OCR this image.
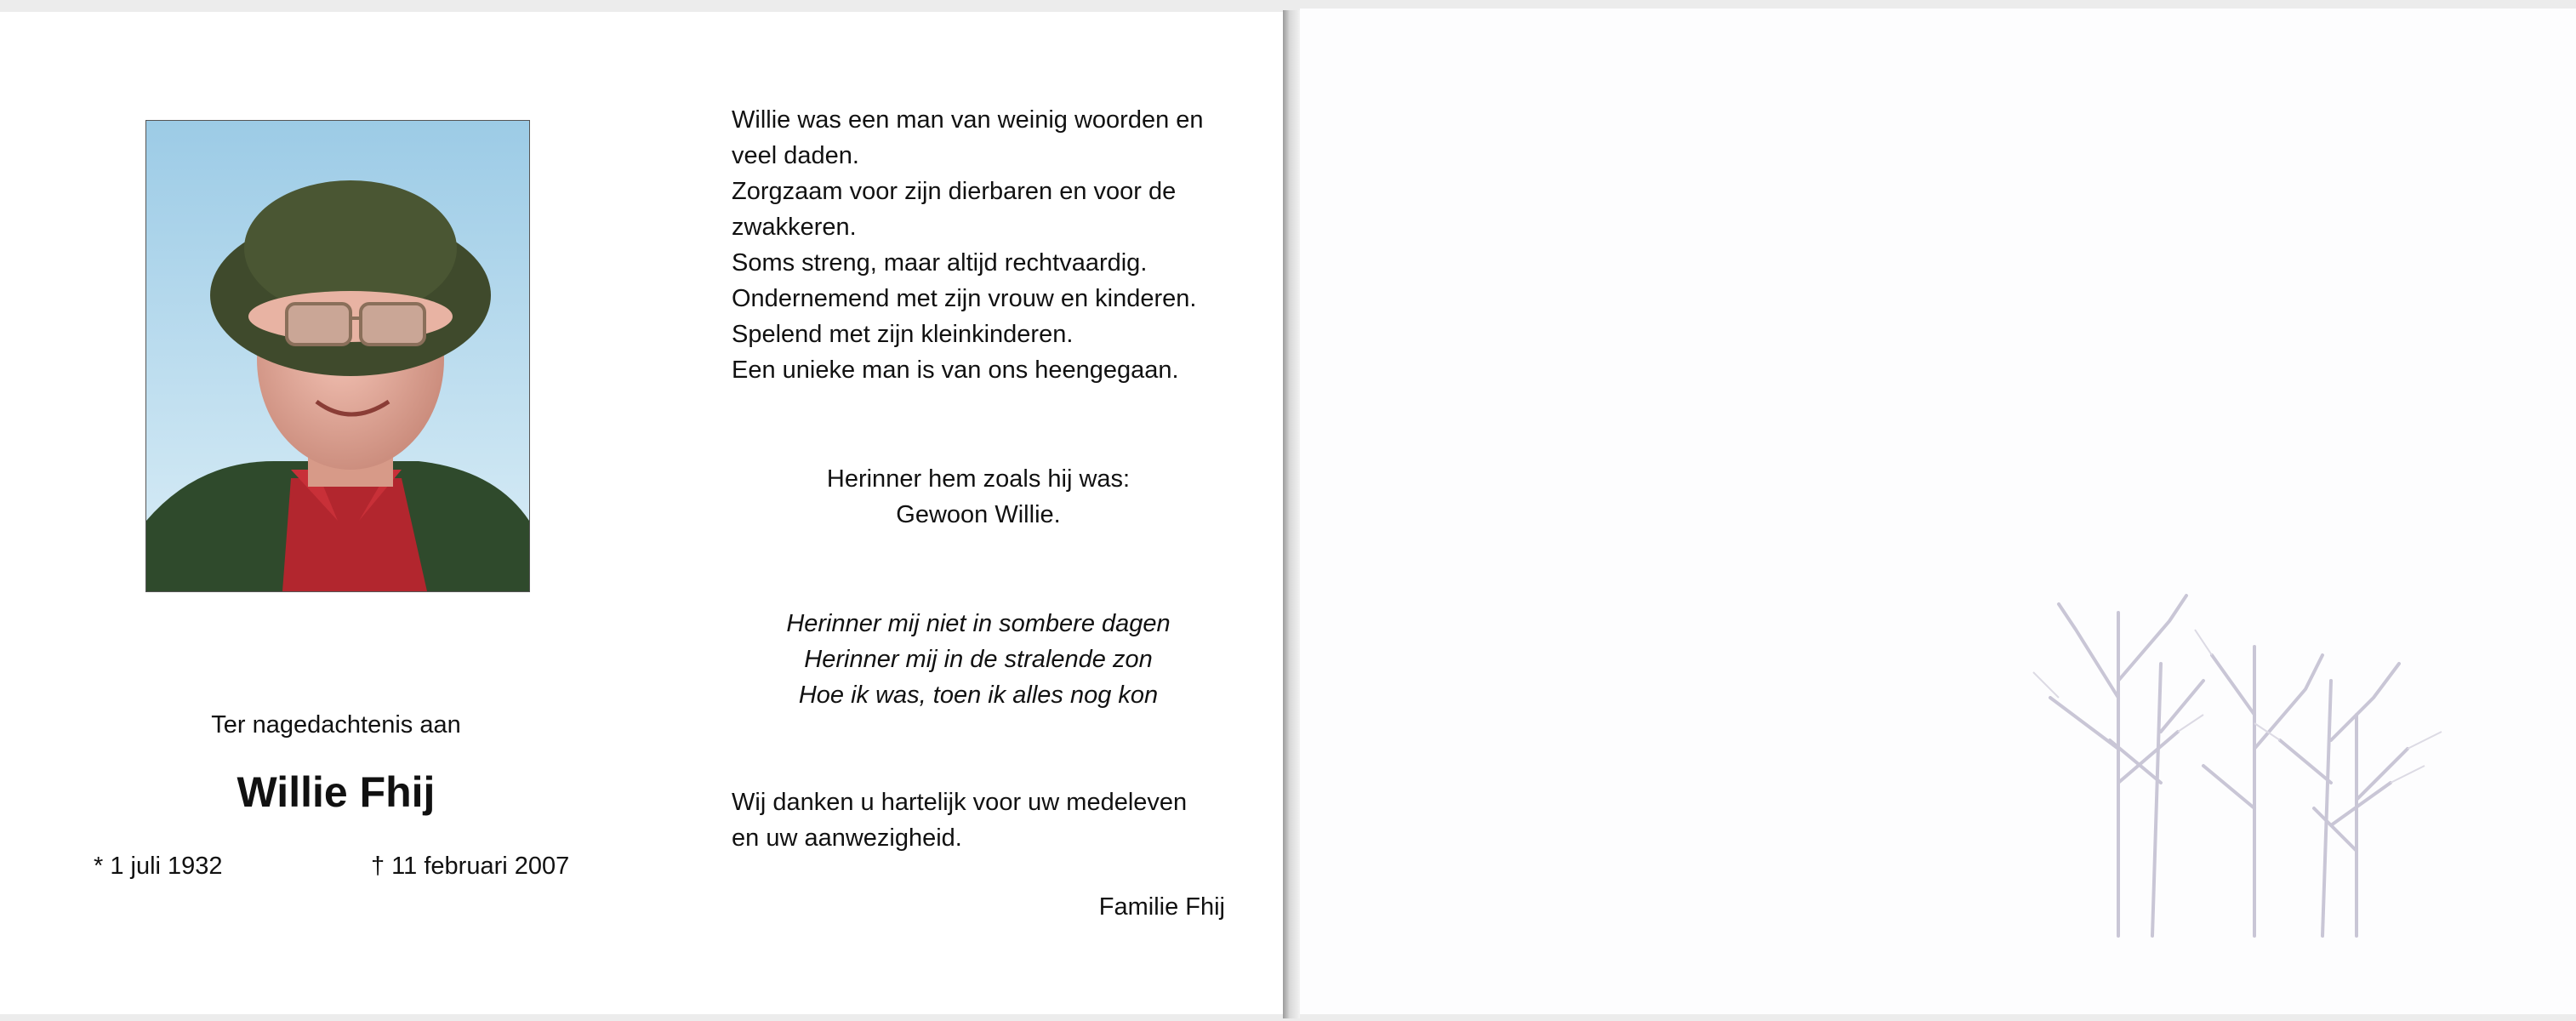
Ter nagedachtenis aan
Willie Fhij
* 1 juli 1932	† 11 februari 2007
Willie was een man van weinig woorden en
veel daden.
Zorgzaam voor zijn dierbaren en voor de
zwakkeren.
Soms streng, maar altijd rechtvaardig.
Ondernemend met zijn vrouw en kinderen.
Spelend met zijn kleinkinderen.
Een unieke man is van ons heengegaan.
Herinner hem zoals hij was:
Gewoon Willie.
Herinner mij niet in sombere dagen
Herinner mij in de stralende zon
Hoe ik was, toen ik alles nog kon
Wij danken u hartelijk voor uw medeleven
en uw aanwezigheid.
Familie Fhij
